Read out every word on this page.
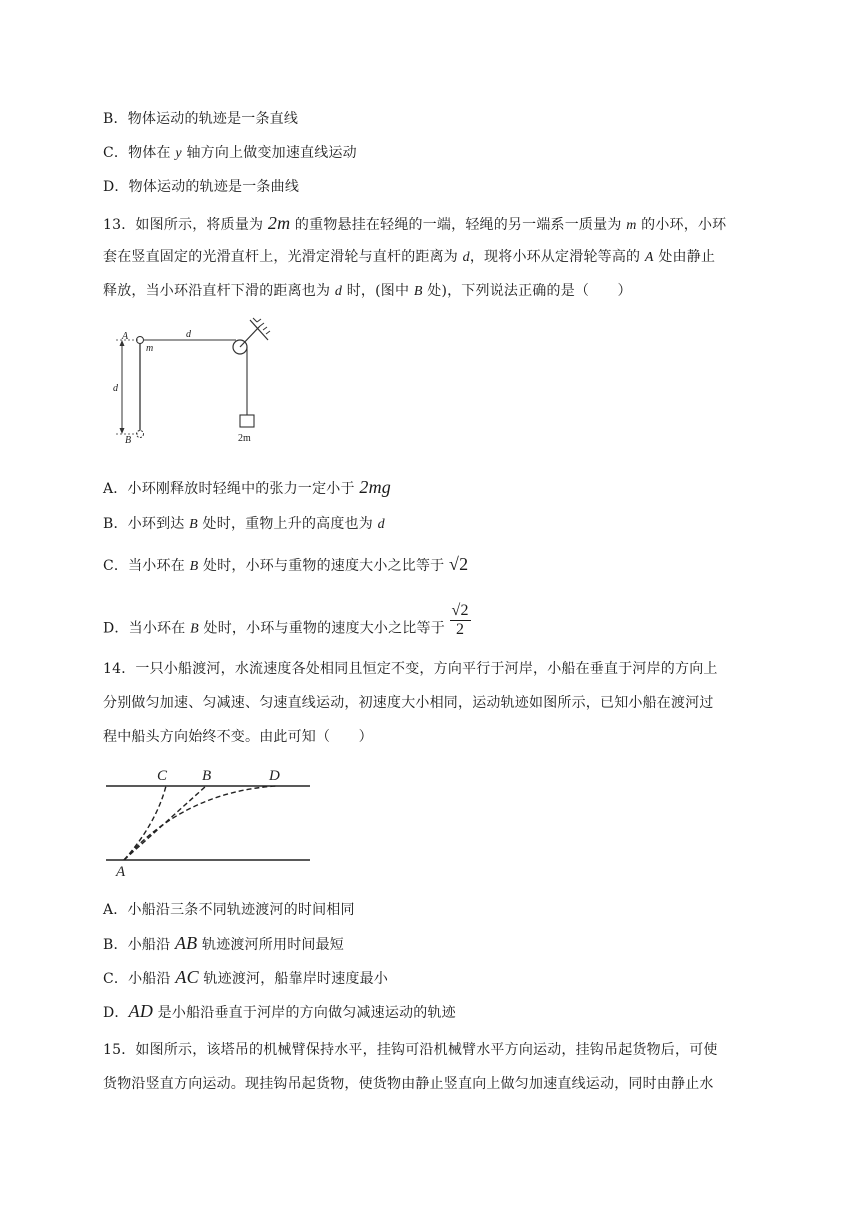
B．物体运动的轨迹是一条直线
C．物体在 y 轴方向上做变加速直线运动
D．物体运动的轨迹是一条曲线
13．如图所示，将质量为 2m 的重物悬挂在轻绳的一端，轻绳的另一端系一质量为 m 的小环，小环
套在竖直固定的光滑直杆上，光滑定滑轮与直杆的距离为 d，现将小环从定滑轮等高的 A 处由静止
释放，当小环沿直杆下滑的距离也为 d 时，(图中 B 处)，下列说法正确的是（　　）
A
m
d
d
B	2m
A．小环刚释放时轻绳中的张力一定小于 2mg
B．小环到达 B 处时，重物上升的高度也为 d
C．当小环在 B 处时，小环与重物的速度大小之比等于 √2
D．当小环在 B 处时，小环与重物的速度大小之比等于 $\frac{√2}{2}$
14．一只小船渡河，水流速度各处相同且恒定不变，方向平行于河岸，小船在垂直于河岸的方向上
分别做匀加速、匀减速、匀速直线运动，初速度大小相同，运动轨迹如图所示，已知小船在渡河过
程中船头方向始终不变。由此可知（　　）
C B	D
A
A．小船沿三条不同轨迹渡河的时间相同
B．小船沿 AB 轨迹渡河所用时间最短
C．小船沿 AC 轨迹渡河，船靠岸时速度最小
D．AD 是小船沿垂直于河岸的方向做匀减速运动的轨迹
15．如图所示，该塔吊的机械臂保持水平，挂钩可沿机械臂水平方向运动，挂钩吊起货物后，可使
货物沿竖直方向运动。现挂钩吊起货物，使货物由静止竖直向上做匀加速直线运动，同时由静止水
